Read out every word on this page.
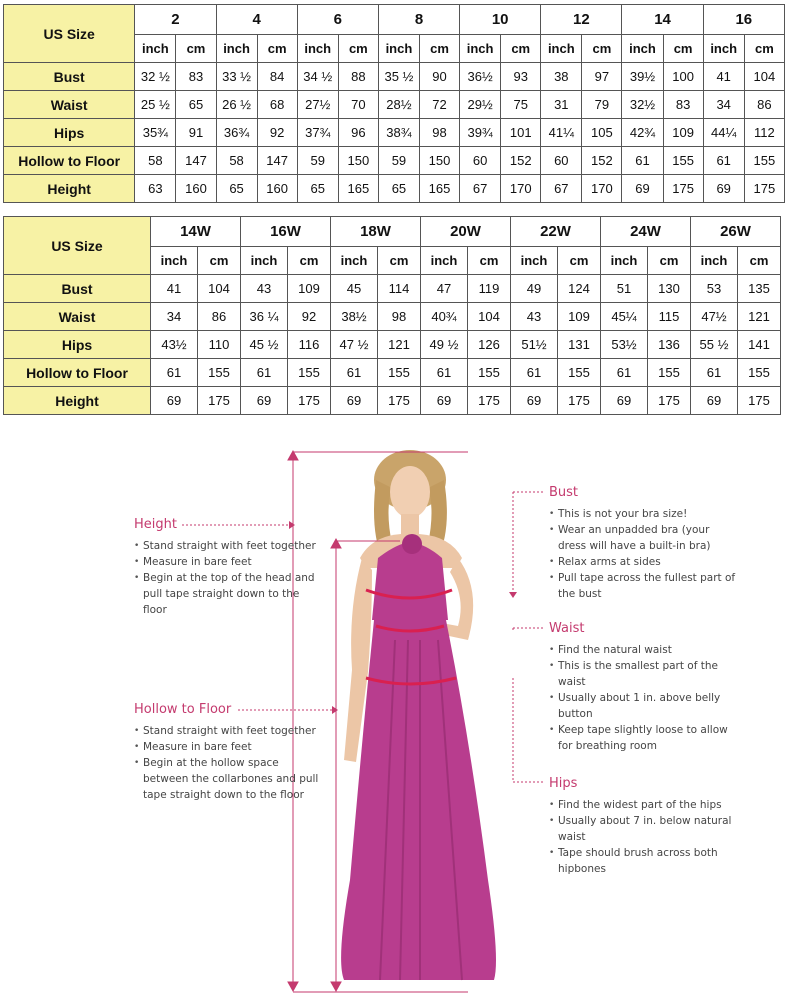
US Size	2		4		6		8		10		12		14		16	
	inch	cm	inch	cm	inch	cm	inch	cm	inch	cm	inch	cm	inch	cm	inch	cm
Bust	32 ½	83	33 ½	84	34 ½	88	35 ½	90	36½	93	38	97	39½	100	41	104
Waist	25 ½	65	26 ½	68	27½	70	28½	72	29½	75	31	79	32½	83	34	86
Hips	35¾	91	36¾	92	37¾	96	38¾	98	39¾	101	41¼	105	42¾	109	44¼	112
Hollow to Floor	58	147	58	147	59	150	59	150	60	152	60	152	61	155	61	155
Height	63	160	65	160	65	165	65	165	67	170	67	170	69	175	69	175
US Size	14W		16W		18W		20W		22W		24W		26W	
	inch	cm	inch	cm	inch	cm	inch	cm	inch	cm	inch	cm	inch	cm
Bust	41	104	43	109	45	114	47	119	49	124	51	130	53	135
Waist	34	86	36 ¼	92	38½	98	40¾	104	43	109	45¼	115	47½	121
Hips	43½	110	45 ½	116	47 ½	121	49 ½	126	51½	131	53½	136	55 ½	141
Hollow to Floor	61	155	61	155	61	155	61	155	61	155	61	155	61	155
Height	69	175	69	175	69	175	69	175	69	175	69	175	69	175
Height
• Stand straight with feet together
• Measure in bare feet
• Begin at the top of the head and pull tape straight down to the floor
Hollow to Floor
• Stand straight with feet together
• Measure in bare feet
• Begin at the hollow space between the collarbones and pull tape straight down to the floor
Bust
• This is not your bra size!
• Wear an unpadded bra (your dress will have a built-in bra)
• Relax arms at sides
• Pull tape across the fullest part of the bust
Waist
• Find the natural waist
• This is the smallest part of the waist
• Usually about 1 in. above belly button
• Keep tape slightly loose to allow for breathing room
Hips
• Find the widest part of the hips
• Usually about 7 in. below natural waist
• Tape should brush across both hipbones
